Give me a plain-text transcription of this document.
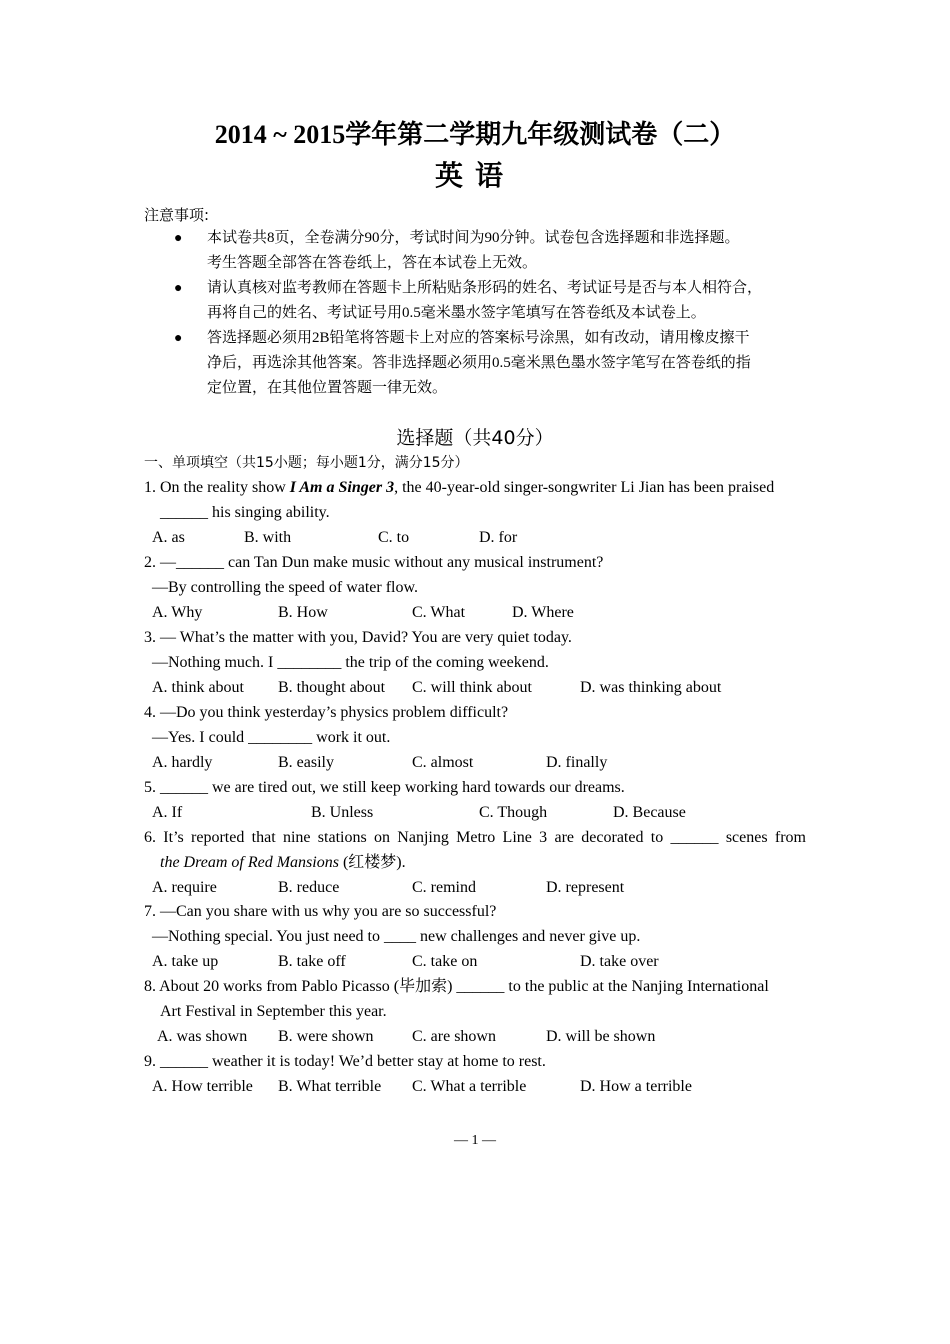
2014 ~ 2015学年第二学期九年级测试卷（二）
英语
注意事项:
● 本试卷共8页，全卷满分90分，考试时间为90分钟。试卷包含选择题和非选择题。
考生答题全部答在答卷纸上，答在本试卷上无效。
● 请认真核对监考教师在答题卡上所粘贴条形码的姓名、考试证号是否与本人相符合，
再将自己的姓名、考试证号用0.5毫米墨水签字笔填写在答卷纸及本试卷上。
● 答选择题必须用2B铅笔将答题卡上对应的答案标号涂黑，如有改动，请用橡皮擦干
净后，再选涂其他答案。答非选择题必须用0.5毫米黑色墨水签字笔写在答卷纸的指
定位置，在其他位置答题一律无效。
选择题（共40分）
一、单项填空（共15小题；每小题1分，满分15分）
1. On the reality show I Am a Singer 3, the 40-year-old singer-songwriter Li Jian has been praised
______ his singing ability.
A. as	B. with	C. to	D. for
2. —______ can Tan Dun make music without any musical instrument?
—By controlling the speed of water flow.
A. Why	B. How	C. What	D. Where
3. — What’s the matter with you, David? You are very quiet today.
—Nothing much. I ________ the trip of the coming weekend.
A. think about B. thought about C. will think about	D. was thinking about
4. —Do you think yesterday’s physics problem difficult?
—Yes. I could ________ work it out.
A. hardly	B. easily	C. almost	D. finally
5. ______ we are tired out, we still keep working hard towards our dreams.
A. If	B. Unless	C. Though	D. Because
6. It’s reported that nine stations on Nanjing Metro Line 3 are decorated to ______ scenes from
the Dream of Red Mansions (红楼梦).
A. require	B. reduce	C. remind	D. represent
7. —Can you share with us why you are so successful?
—Nothing special. You just need to ____ new challenges and never give up.
A. take up	B. take off	C. take on	D. take over
8. About 20 works from Pablo Picasso (毕加索) ______ to the public at the Nanjing International
Art Festival in September this year.
A. was shown B. were shown C. are shown	D. will be shown
9. ______ weather it is today! We’d better stay at home to rest.
A. How terrible B. What terrible C. What a terrible	D. How a terrible
— 1 —
